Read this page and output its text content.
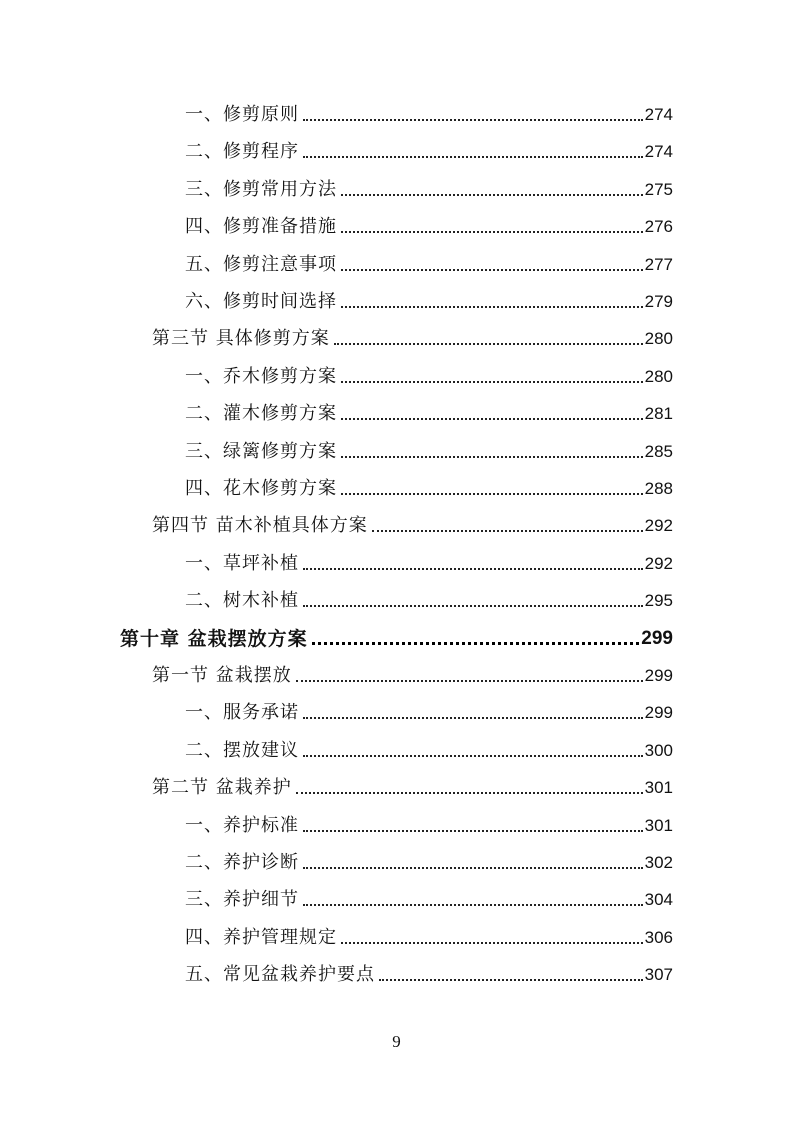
一、修剪原则	274
二、修剪程序	274
三、修剪常用方法	275
四、修剪准备措施	276
五、修剪注意事项	277
六、修剪时间选择	279
第三节 具体修剪方案	280
一、乔木修剪方案	280
二、灌木修剪方案	281
三、绿篱修剪方案	285
四、花木修剪方案	288
第四节 苗木补植具体方案	292
一、草坪补植	292
二、树木补植	295
第十章 盆栽摆放方案	299
第一节 盆栽摆放	299
一、服务承诺	299
二、摆放建议	300
第二节 盆栽养护	301
一、养护标准	301
二、养护诊断	302
三、养护细节	304
四、养护管理规定	306
五、常见盆栽养护要点	307
9
